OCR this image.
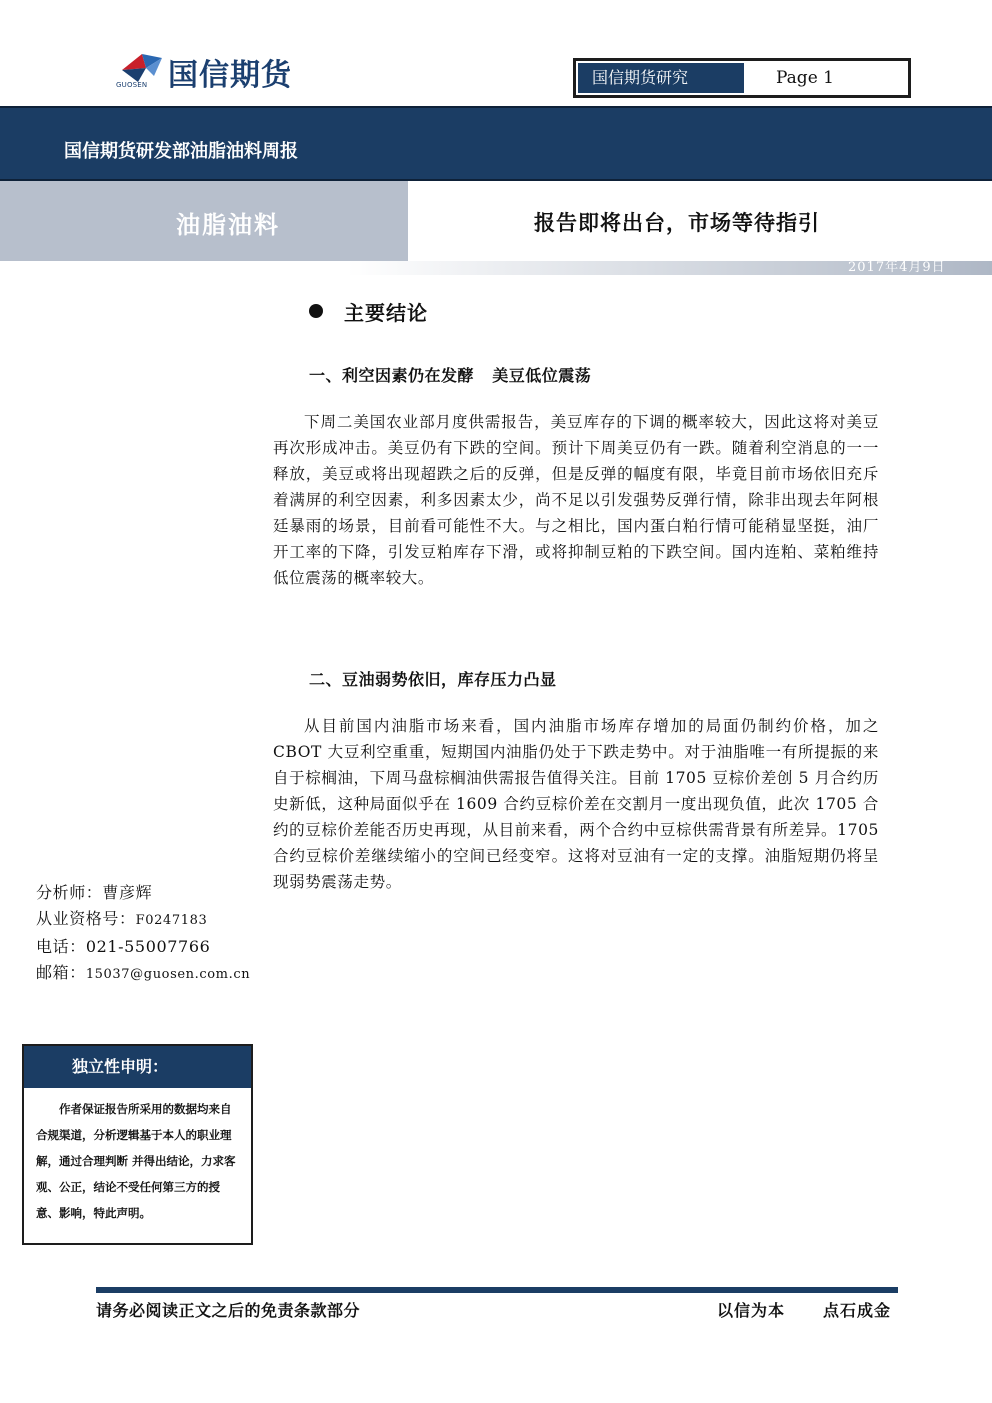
GUOSEN 国信期货	国信期货研究	Page 1
国信期货研发部油脂油料周报
油脂油料	报告即将出台，市场等待指引
2017年4月9日
主要结论
一、利空因素仍在发酵   美豆低位震荡
下周二美国农业部月度供需报告，美豆库存的下调的概率较大，因此这将对美豆再次形成冲击。美豆仍有下跌的空间。预计下周美豆仍有一跌。随着利空消息的一一释放，美豆或将出现超跌之后的反弹，但是反弹的幅度有限，毕竟目前市场依旧充斥着满屏的利空因素，利多因素太少，尚不足以引发强势反弹行情，除非出现去年阿根廷暴雨的场景，目前看可能性不大。与之相比，国内蛋白粕行情可能稍显坚挺，油厂开工率的下降，引发豆粕库存下滑，或将抑制豆粕的下跌空间。国内连粕、菜粕维持低位震荡的概率较大。
二、豆油弱势依旧，库存压力凸显
从目前国内油脂市场来看，国内油脂市场库存增加的局面仍制约价格，加之CBOT 大豆利空重重，短期国内油脂仍处于下跌走势中。对于油脂唯一有所提振的来自于棕榈油，下周马盘棕榈油供需报告值得关注。目前 1705 豆棕价差创 5 月合约历史新低，这种局面似乎在 1609 合约豆棕价差在交割月一度出现负值，此次 1705 合约的豆棕价差能否历史再现，从目前来看，两个合约中豆棕供需背景有所差异。1705 合约豆棕价差继续缩小的空间已经变窄。这将对豆油有一定的支撑。油脂短期仍将呈现弱势震荡走势。
分析师：曹彦辉
从业资格号：F0247183
电话：021-55007766
邮箱：15037@guosen.com.cn
独立性申明：
作者保证报告所采用的数据均来自合规渠道，分析逻辑基于本人的职业理解，通过合理判断 并得出结论，力求客观、公正，结论不受任何第三方的授意、影响，特此声明。
请务必阅读正文之后的免责条款部分	以信为本 点石成金
